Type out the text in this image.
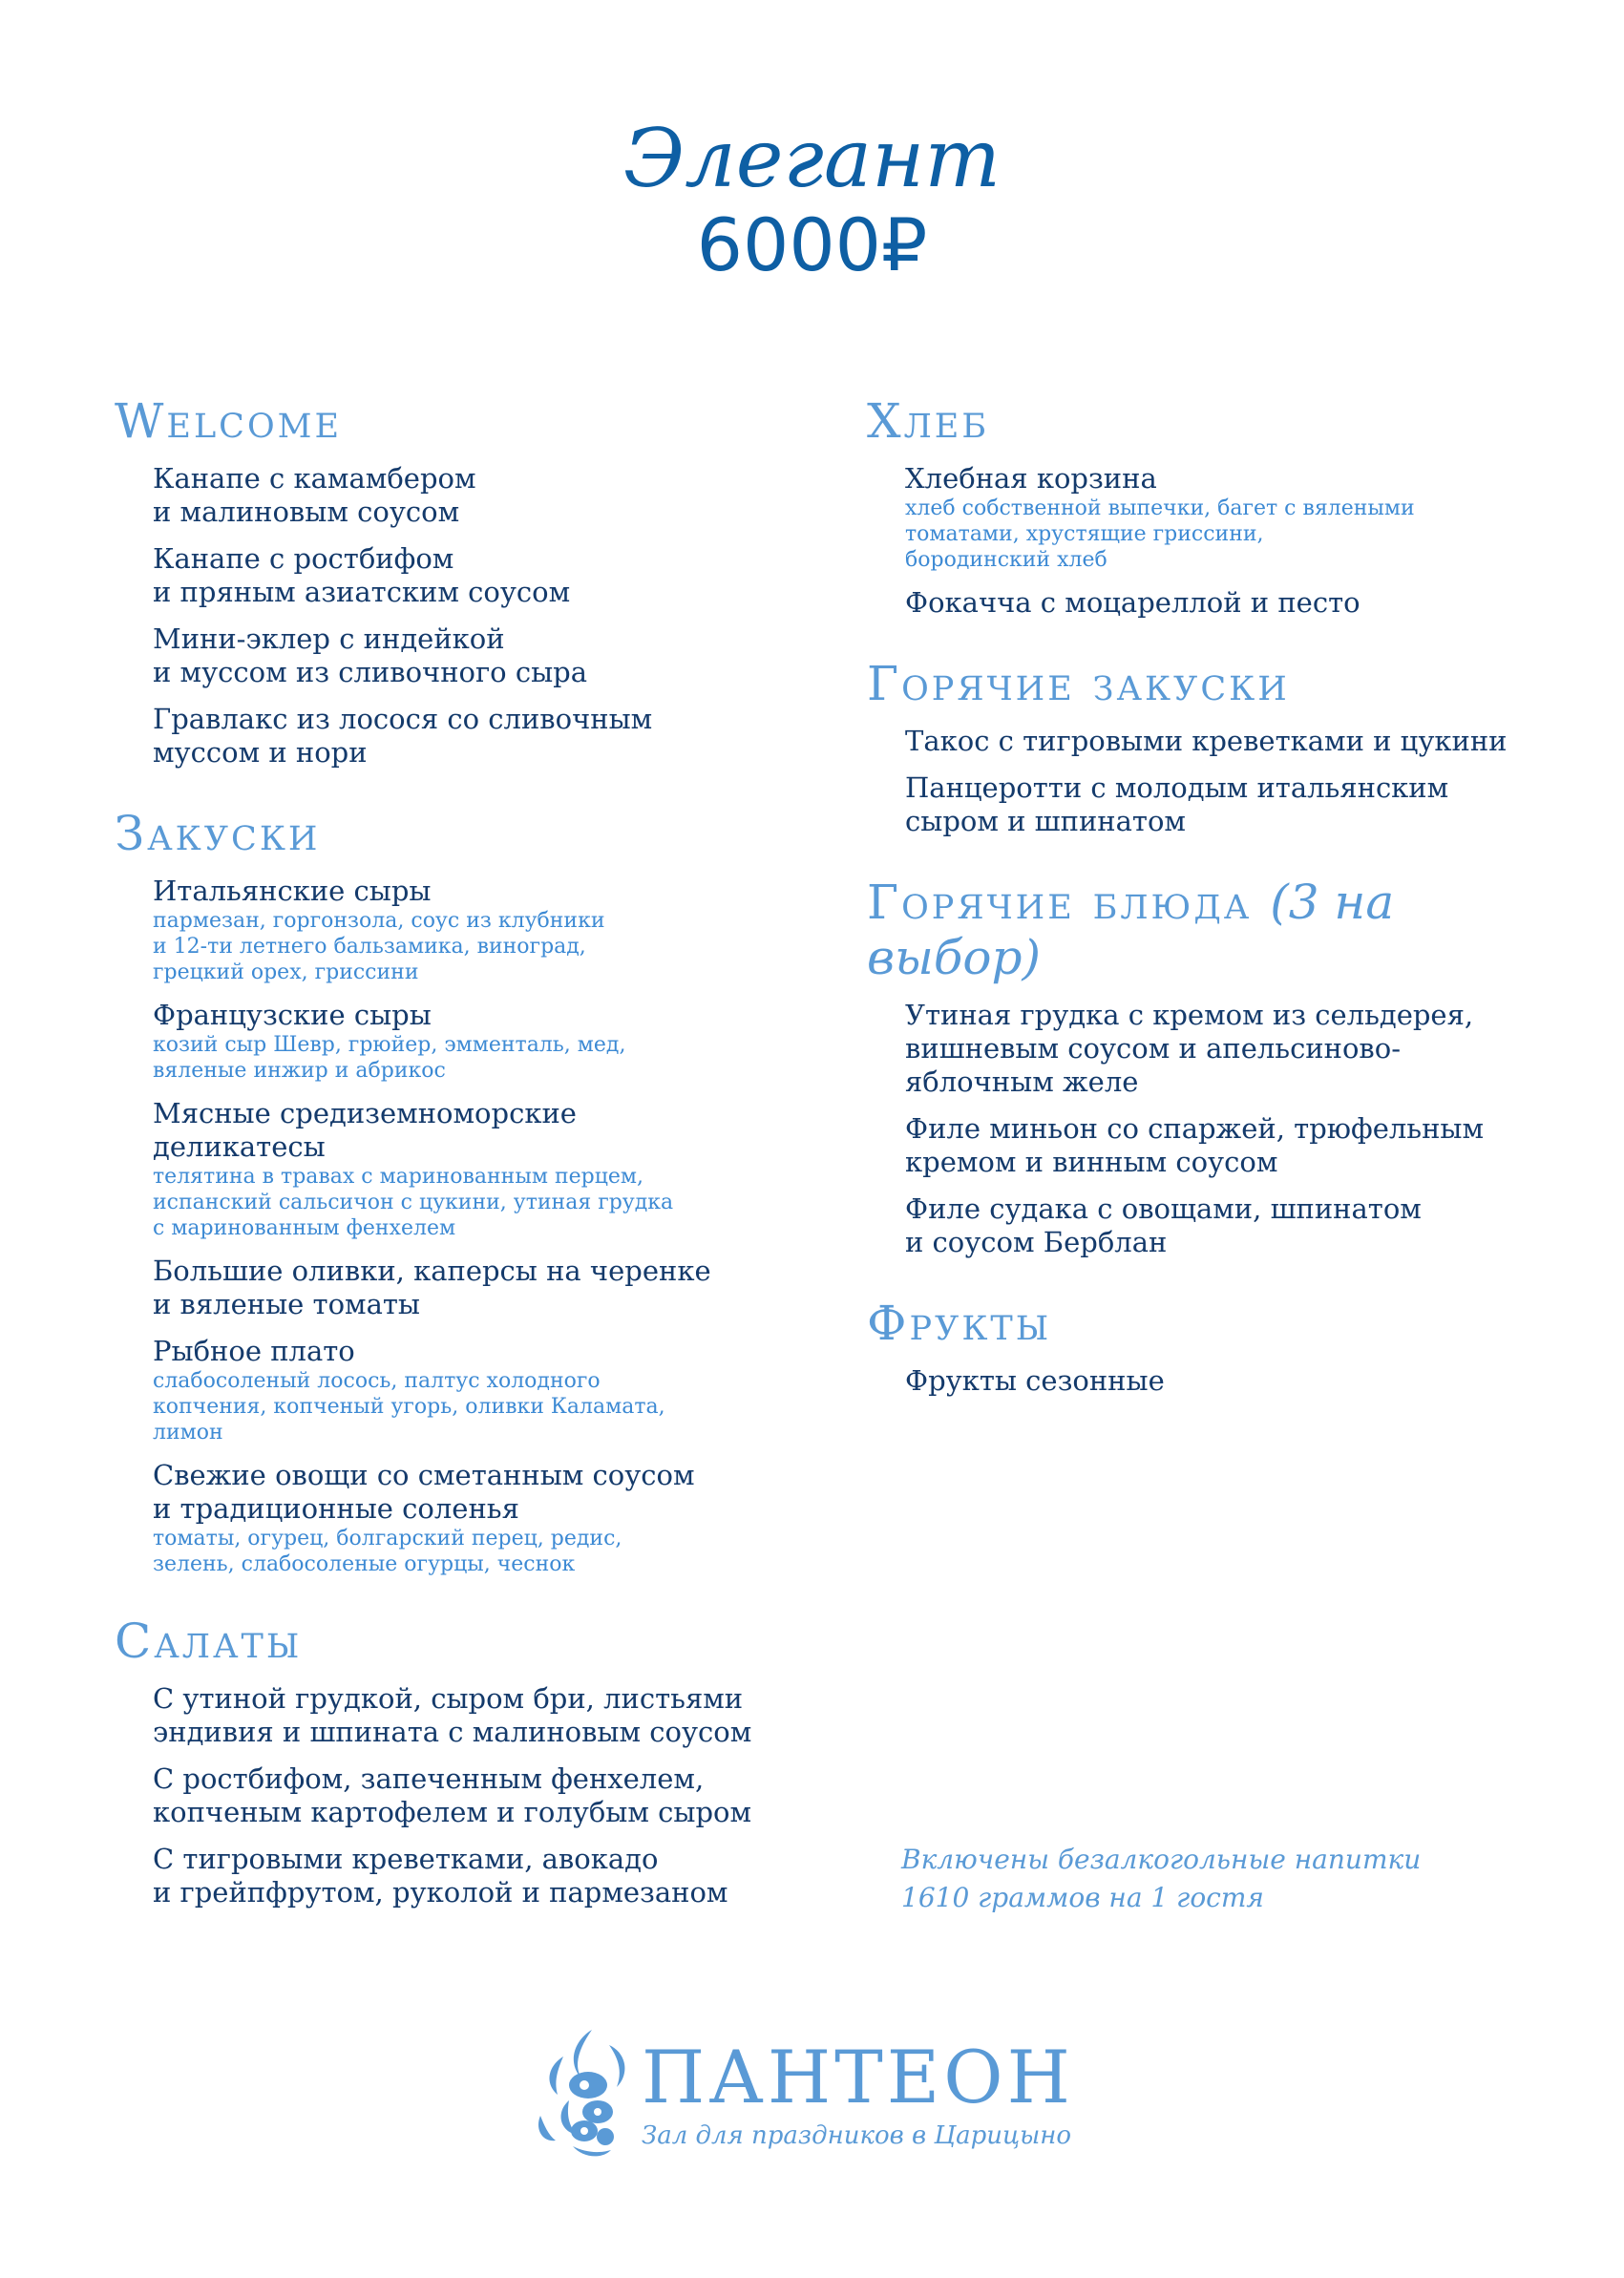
Элегант
6000₽
Welcome
Канапе с камамбером
и малиновым соусом
Канапе с ростбифом
и пряным азиатским соусом
Мини-эклер с индейкой
и муссом из сливочного сыра
Гравлакс из лосося со сливочным
муссом и нори
Закуски
Итальянские сыры
пармезан, горгонзола, соус из клубники
и 12-ти летнего бальзамика, виноград,
грецкий орех, гриссини
Французские сыры
козий сыр Шевр, грюйер, эмменталь, мед,
вяленые инжир и абрикос
Мясные средиземноморские
деликатесы
телятина в травах с маринованным перцем,
испанский сальсичон с цукини, утиная грудка
с маринованным фенхелем
Большие оливки, каперсы на черенке
и вяленые томаты
Рыбное плато
слабосоленый лосось, палтус холодного
копчения, копченый угорь, оливки Каламата,
лимон
Свежие овощи со сметанным соусом
и традиционные соленья
томаты, огурец, болгарский перец, редис,
зелень, слабосоленые огурцы, чеснок
Салаты
С утиной грудкой, сыром бри, листьями
эндивия и шпината с малиновым соусом
С ростбифом, запеченным фенхелем,
копченым картофелем и голубым сыром
С тигровыми креветками, авокадо
и грейпфрутом, руколой и пармезаном
Хлеб
Хлебная корзина
хлеб собственной выпечки, багет с вялеными
томатами, хрустящие гриссини,
бородинский хлеб
Фокачча с моцареллой и песто
Горячие закуски
Такос с тигровыми креветками и цукини
Панцеротти с молодым итальянским
сыром и шпинатом
Горячие блюда (3 на выбор)
Утиная грудка с кремом из сельдерея,
вишневым соусом и апельсиново-
яблочным желе
Филе миньон со спаржей, трюфельным
кремом и винным соусом
Филе судака с овощами, шпинатом
и соусом Берблан
Фрукты
Фрукты сезонные
Включены безалкогольные напитки
1610 граммов на 1 гостя
ПАНТЕОН
Зал для праздников в Царицыно
